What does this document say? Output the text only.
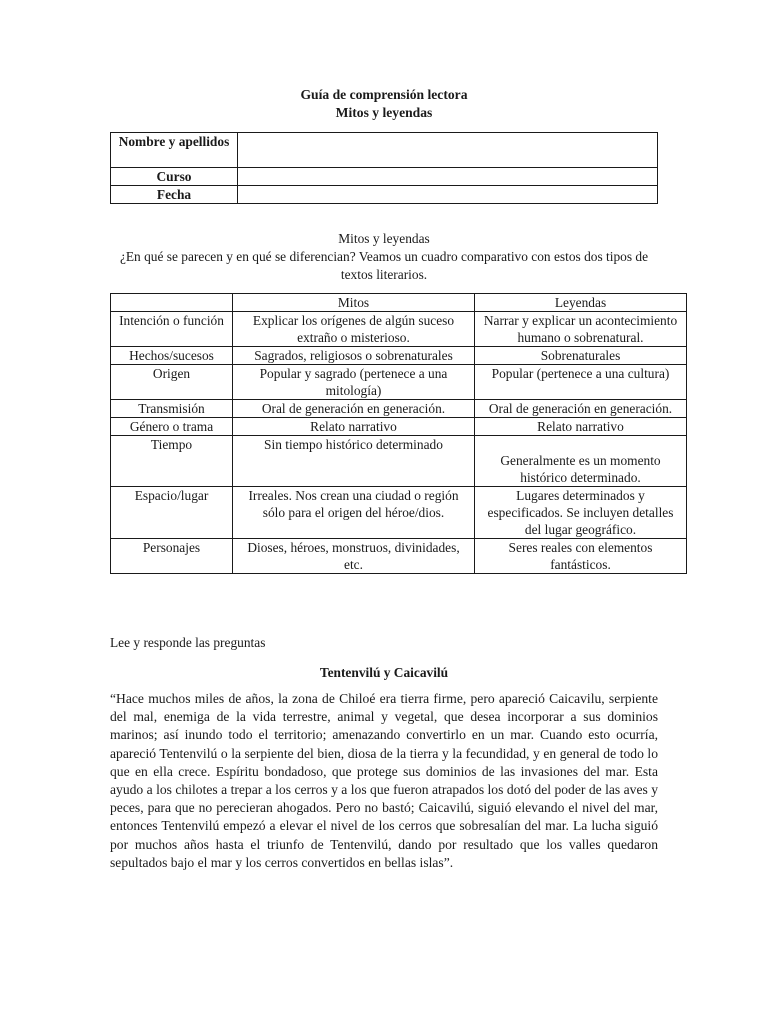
Guía de comprensión lectora
Mitos y leyendas
Nombre y apellidos	
Curso	
Fecha	
Mitos y leyendas
¿En qué se parecen y en qué se diferencian? Veamos un cuadro comparativo con estos dos tipos de textos literarios.
	Mitos	Leyendas
Intención o función	Explicar los orígenes de algún suceso extraño o misterioso.	Narrar y explicar un acontecimiento humano o sobrenatural.
Hechos/sucesos	Sagrados, religiosos o sobrenaturales	Sobrenaturales
Origen	Popular y sagrado (pertenece a una mitología)	Popular (pertenece a una cultura)
Transmisión	Oral de generación en generación.	Oral de generación en generación.
Género o trama	Relato narrativo	Relato narrativo
Tiempo	Sin tiempo histórico determinado	Generalmente es un momento histórico determinado.
Espacio/lugar	Irreales. Nos crean una ciudad o región sólo para el origen del héroe/dios.	Lugares determinados y especificados. Se incluyen detalles del lugar geográfico.
Personajes	Dioses, héroes, monstruos, divinidades, etc.	Seres reales con elementos fantásticos.
Lee y responde las preguntas
Tentenvilú y Caicavilú
“Hace muchos miles de años, la zona de Chiloé era tierra firme, pero apareció Caicavilu, serpiente del mal, enemiga de la vida terrestre, animal y vegetal, que desea incorporar a sus dominios marinos; así inundo todo el territorio; amenazando convertirlo en un mar. Cuando esto ocurría, apareció Tentenvilú o la serpiente del bien, diosa de la tierra y la fecundidad, y en general de todo lo que en ella crece. Espíritu bondadoso, que protege sus dominios de las invasiones del mar. Esta ayudo a los chilotes a trepar a los cerros y a los que fueron atrapados los dotó del poder de las aves y peces, para que no perecieran ahogados. Pero no bastó; Caicavilú, siguió elevando el nivel del mar, entonces Tentenvilú empezó a elevar el nivel de los cerros que sobresalían del mar. La lucha siguió por muchos años hasta el triunfo de Tentenvilú, dando por resultado que los valles quedaron sepultados bajo el mar y los cerros convertidos en bellas islas”.
